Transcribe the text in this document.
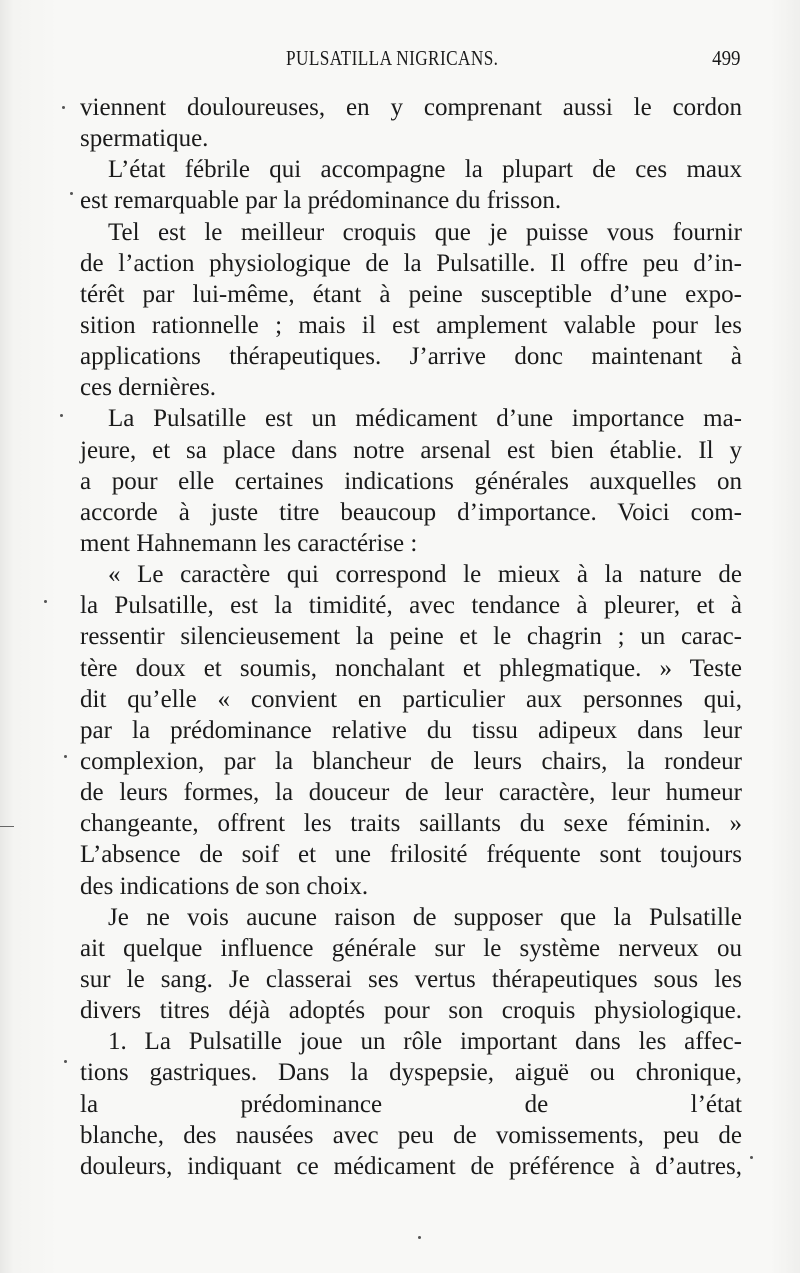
PULSATILLA NIGRICANS.	499
viennent douloureuses, en y comprenant aussi le cordon
spermatique.
L’état fébrile qui accompagne la plupart de ces maux
est remarquable par la prédominance du frisson.
Tel est le meilleur croquis que je puisse vous fournir
de l’action physiologique de la Pulsatille. Il offre peu d’in-
térêt par lui-même, étant à peine susceptible d’une expo-
sition rationnelle ; mais il est amplement valable pour les
applications thérapeutiques. J’arrive donc maintenant à
ces dernières.
La Pulsatille est un médicament d’une importance ma-
jeure, et sa place dans notre arsenal est bien établie. Il y
a pour elle certaines indications générales auxquelles on
accorde à juste titre beaucoup d’importance. Voici com-
ment Hahnemann les caractérise :
« Le caractère qui correspond le mieux à la nature de
la Pulsatille, est la timidité, avec tendance à pleurer, et à
ressentir silencieusement la peine et le chagrin ; un carac-
tère doux et soumis, nonchalant et phlegmatique. » Teste
dit qu’elle « convient en particulier aux personnes qui,
par la prédominance relative du tissu adipeux dans leur
complexion, par la blancheur de leurs chairs, la rondeur
de leurs formes, la douceur de leur caractère, leur humeur
changeante, offrent les traits saillants du sexe féminin. »
L’absence de soif et une frilosité fréquente sont toujours
des indications de son choix.
Je ne vois aucune raison de supposer que la Pulsatille
ait quelque influence générale sur le système nerveux ou
sur le sang. Je classerai ses vertus thérapeutiques sous les
divers titres déjà adoptés pour son croquis physiologique.
1. La Pulsatille joue un rôle important dans les affec-
tions gastriques. Dans la dyspepsie, aiguë ou chronique,
la prédominance de l’état
blanche, des nausées avec peu de vomissements, peu de
douleurs, indiquant ce médicament de préférence à d’autres,
